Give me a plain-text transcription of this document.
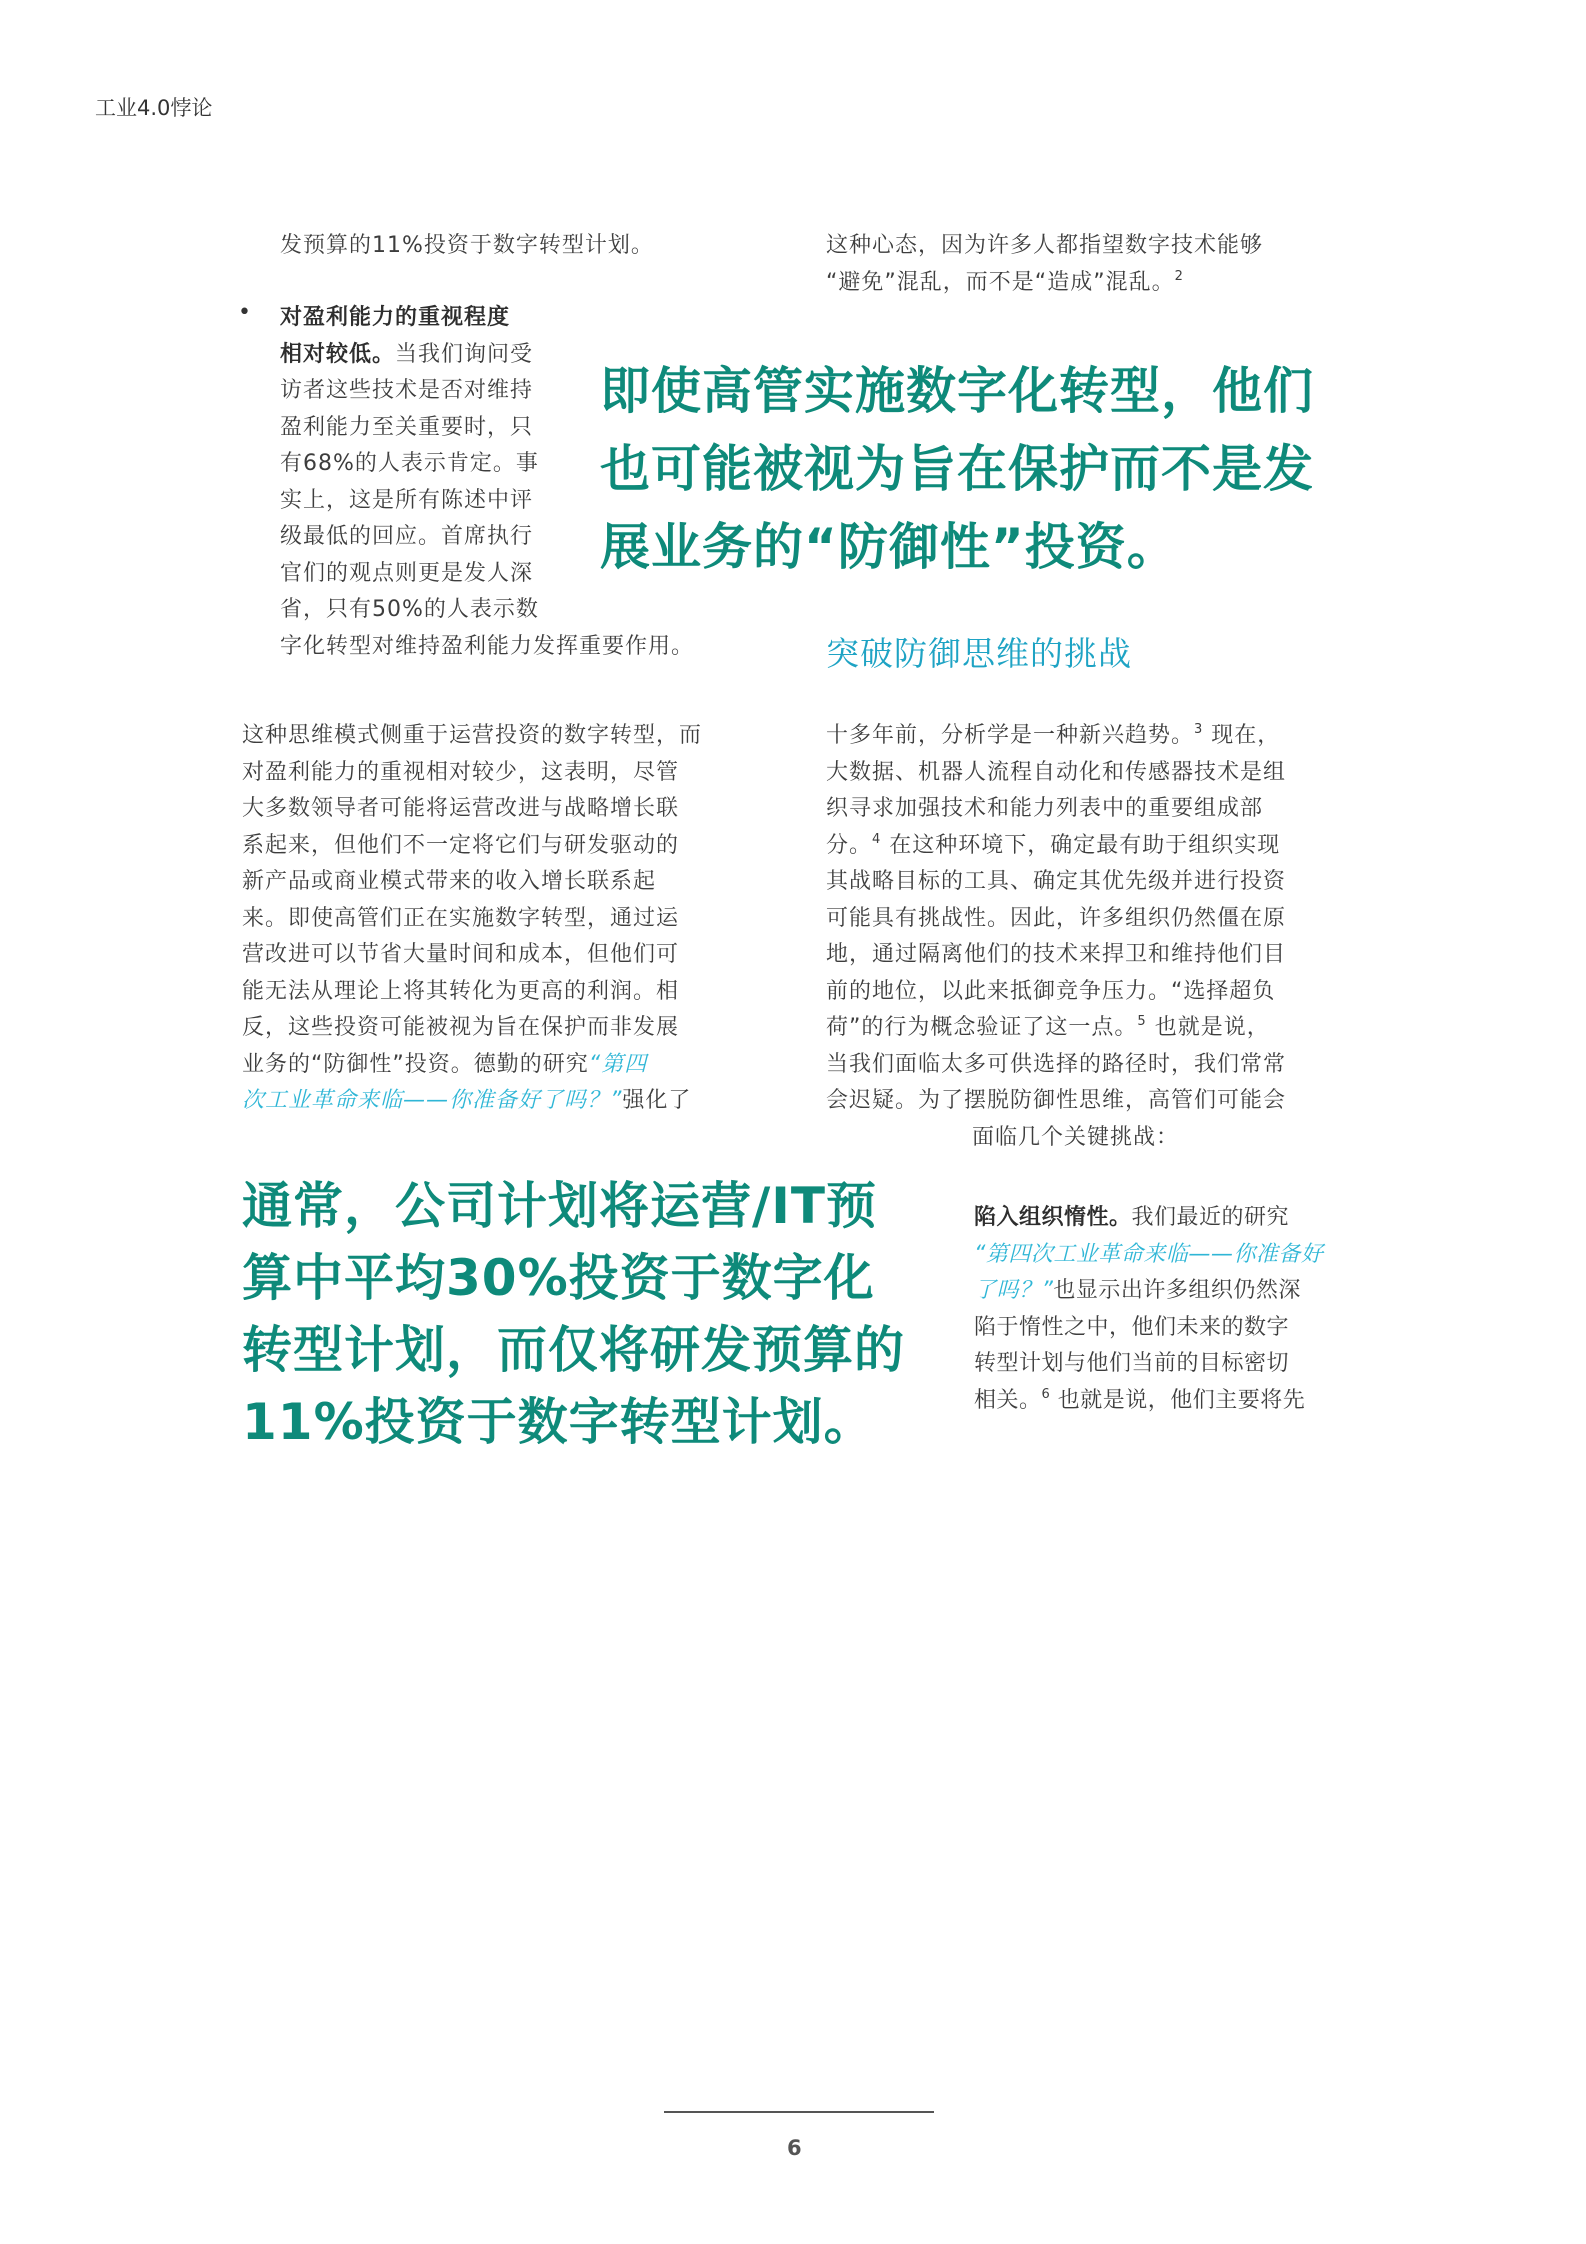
工业4.0悖论
发预算的11%投资于数字转型计划。	这种心态，因为许多人都指望数字技术能够

“避免”混乱，而不是“造成”混乱。$^2$

• 对盈利能力的重视程度

相对较低。当我们询问受

访者这些技术是否对维持

盈利能力至关重要时，只

有68%的人表示肯定。事

实上，这是所有陈述中评

级最低的回应。首席执行

官们的观点则更是发人深

省，只有50%的人表示数

字化转型对维持盈利能力发挥重要作用。

即使高管实施数字化转型，他们
也可能被视为旨在保护而不是发
展业务的“防御性”投资。
突破防御思维的挑战

这种思维模式侧重于运营投资的数字转型，而

对盈利能力的重视相对较少，这表明，尽管

大多数领导者可能将运营改进与战略增长联

系起来，但他们不一定将它们与研发驱动的

新产品或商业模式带来的收入增长联系起

来。即使高管们正在实施数字转型，通过运

营改进可以节省大量时间和成本，但他们可

能无法从理论上将其转化为更高的利润。相

反，这些投资可能被视为旨在保护而非发展

业务的“防御性”投资。德勤的研究“第四

次工业革命来临——你准备好了吗？”强化了

十多年前，分析学是一种新兴趋势。$^3$ 现在，

大数据、机器人流程自动化和传感器技术是组

织寻求加强技术和能力列表中的重要组成部

分。$^4$ 在这种环境下，确定最有助于组织实现

其战略目标的工具、确定其优先级并进行投资

可能具有挑战性。因此，许多组织仍然僵在原

地，通过隔离他们的技术来捍卫和维持他们目

前的地位，以此来抵御竞争压力。“选择超负

荷”的行为概念验证了这一点。$^5$ 也就是说，

当我们面临太多可供选择的路径时，我们常常

会迟疑。为了摆脱防御性思维，高管们可能会

面临几个关键挑战：

通常，公司计划将运营/IT预
算中平均30%投资于数字化
转型计划，而仅将研发预算的
11%投资于数字转型计划。

陷入组织惰性。我们最近的研究

“第四次工业革命来临——你准备好

了吗？”也显示出许多组织仍然深

陷于惰性之中，他们未来的数字

转型计划与他们当前的目标密切

相关。$^6$ 也就是说，他们主要将先

6
